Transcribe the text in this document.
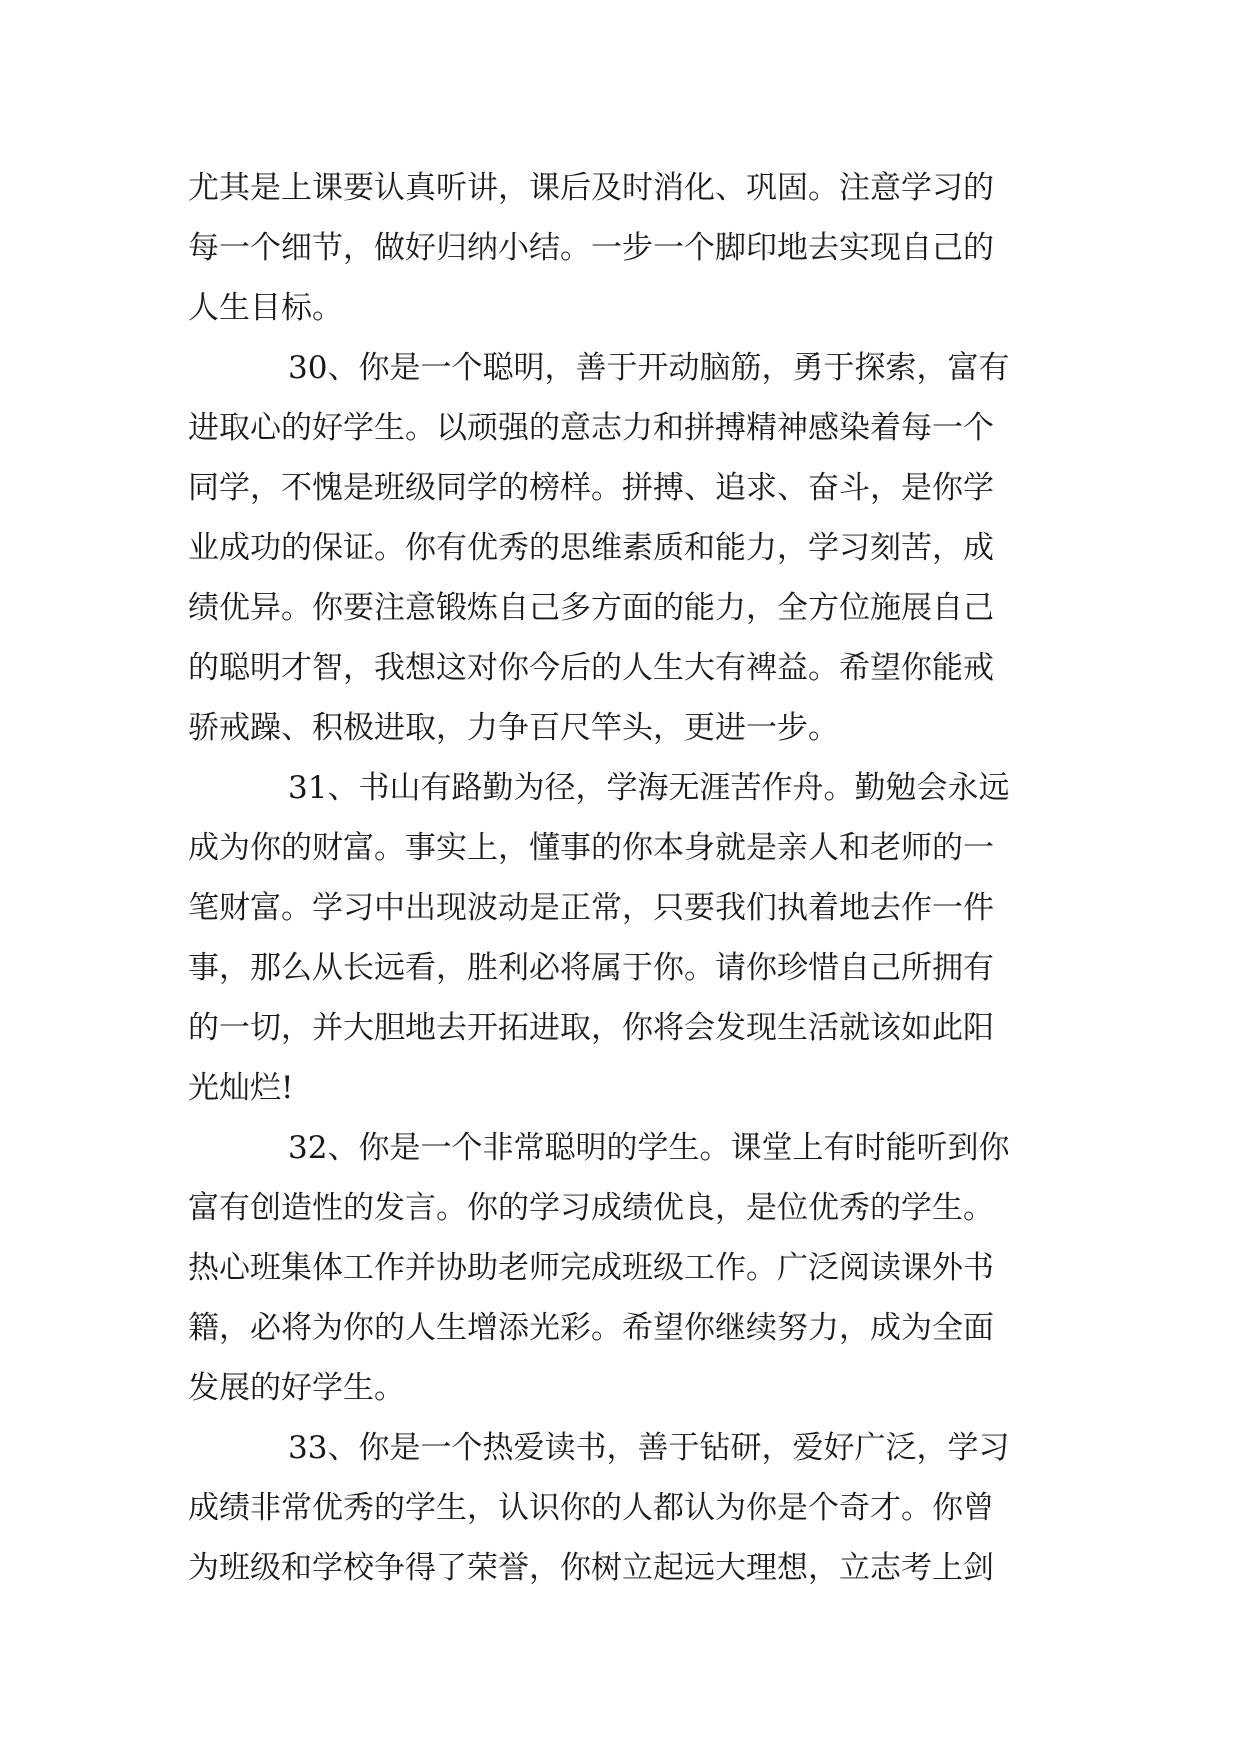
尤其是上课要认真听讲，课后及时消化、巩固。注意学习的
每一个细节，做好归纳小结。一步一个脚印地去实现自己的
人生目标。
30、你是一个聪明，善于开动脑筋，勇于探索，富有
进取心的好学生。以顽强的意志力和拼搏精神感染着每一个
同学，不愧是班级同学的榜样。拼搏、追求、奋斗，是你学
业成功的保证。你有优秀的思维素质和能力，学习刻苦，成
绩优异。你要注意锻炼自己多方面的能力，全方位施展自己
的聪明才智，我想这对你今后的人生大有裨益。希望你能戒
骄戒躁、积极进取，力争百尺竿头，更进一步。
31、书山有路勤为径，学海无涯苦作舟。勤勉会永远
成为你的财富。事实上，懂事的你本身就是亲人和老师的一
笔财富。学习中出现波动是正常，只要我们执着地去作一件
事，那么从长远看，胜利必将属于你。请你珍惜自己所拥有
的一切，并大胆地去开拓进取，你将会发现生活就该如此阳
光灿烂!
32、你是一个非常聪明的学生。课堂上有时能听到你
富有创造性的发言。你的学习成绩优良，是位优秀的学生。
热心班集体工作并协助老师完成班级工作。广泛阅读课外书
籍，必将为你的人生增添光彩。希望你继续努力，成为全面
发展的好学生。
33、你是一个热爱读书，善于钻研，爱好广泛，学习
成绩非常优秀的学生，认识你的人都认为你是个奇才。你曾
为班级和学校争得了荣誉，你树立起远大理想，立志考上剑
